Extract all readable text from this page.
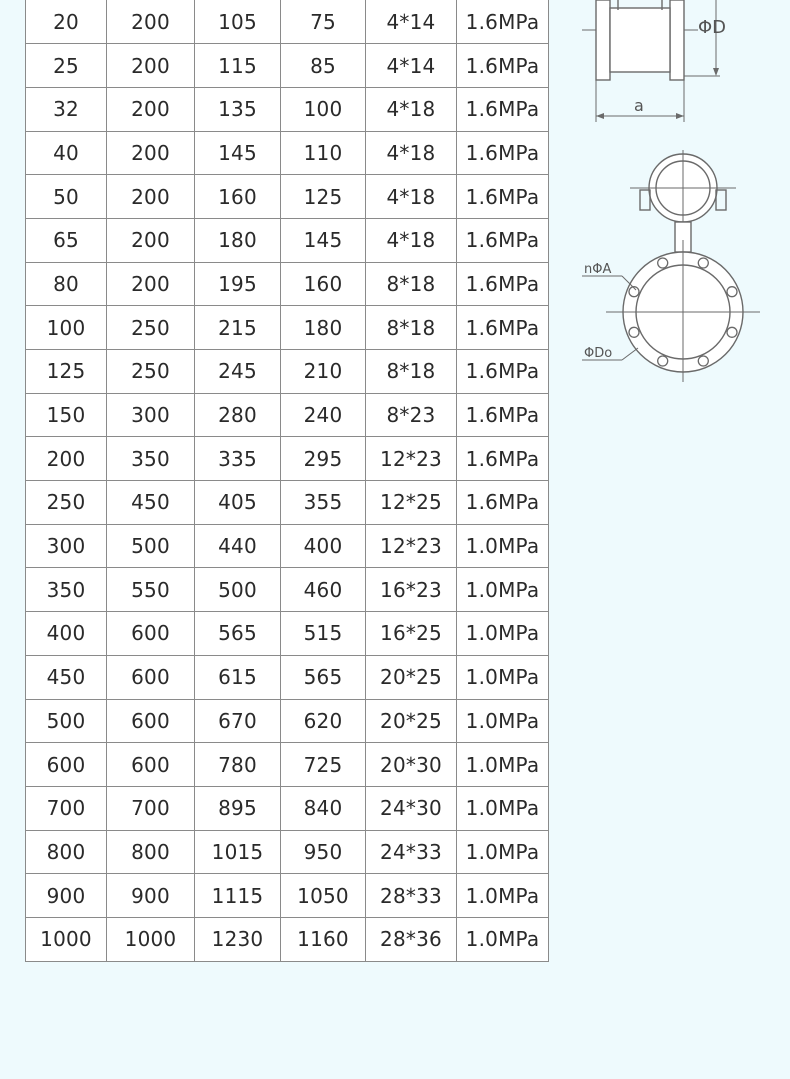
20	200	105	75	4*14	1.6MPa
25	200	115	85	4*14	1.6MPa
32	200	135	100	4*18	1.6MPa
40	200	145	110	4*18	1.6MPa
50	200	160	125	4*18	1.6MPa
65	200	180	145	4*18	1.6MPa
80	200	195	160	8*18	1.6MPa
100	250	215	180	8*18	1.6MPa
125	250	245	210	8*18	1.6MPa
150	300	280	240	8*23	1.6MPa
200	350	335	295	12*23	1.6MPa
250	450	405	355	12*25	1.6MPa
300	500	440	400	12*23	1.0MPa
350	550	500	460	16*23	1.0MPa
400	600	565	515	16*25	1.0MPa
450	600	615	565	20*25	1.0MPa
500	600	670	620	20*25	1.0MPa
600	600	780	725	20*30	1.0MPa
700	700	895	840	24*30	1.0MPa
800	800	1015	950	24*33	1.0MPa
900	900	1115	1050	28*33	1.0MPa
1000	1000	1230	1160	28*36	1.0MPa
ΦD
a
nΦA
ΦDo
